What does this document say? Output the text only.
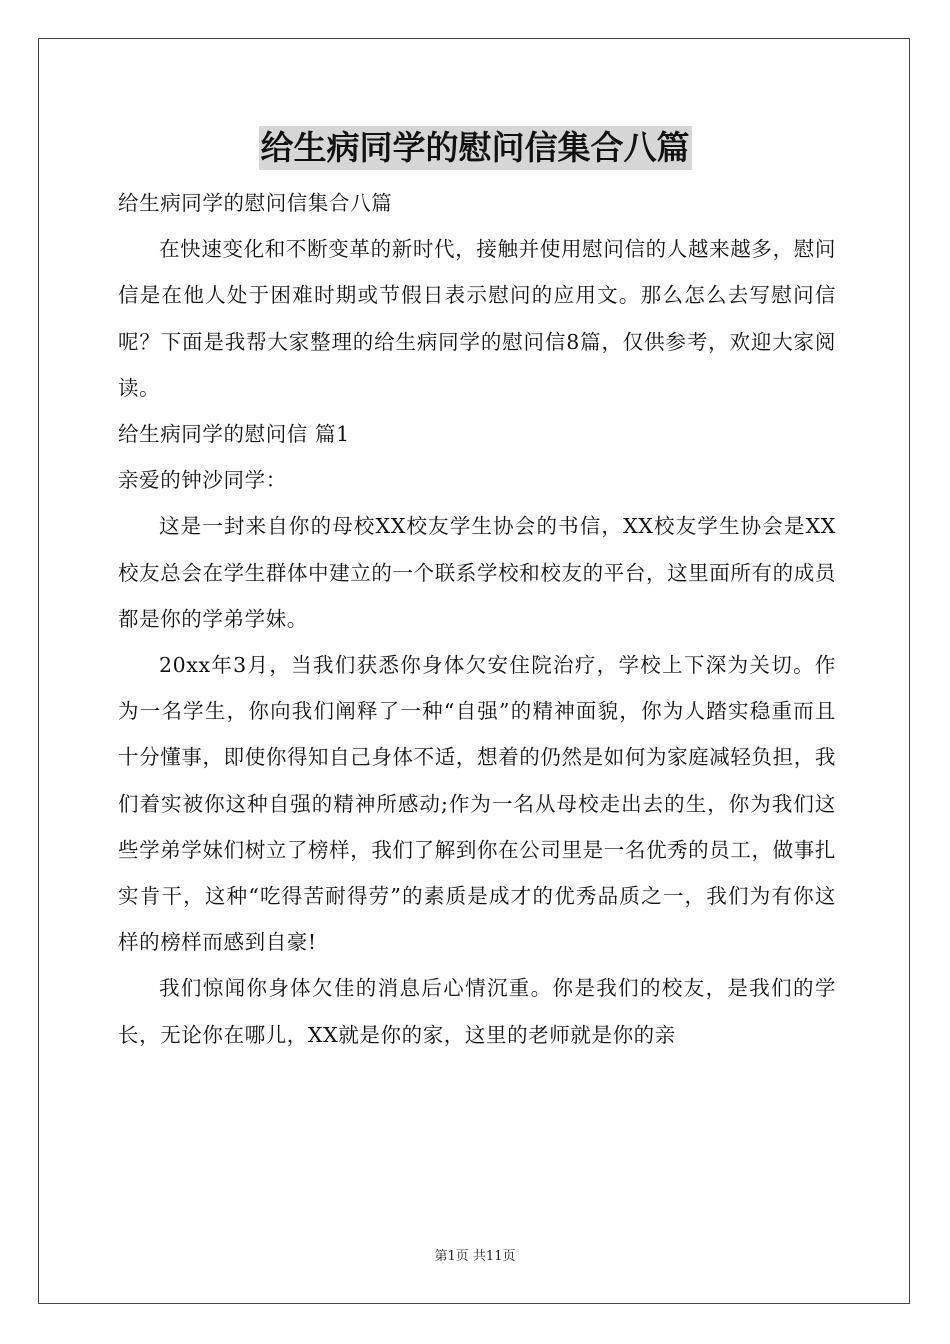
给生病同学的慰问信集合八篇

给生病同学的慰问信集合八篇

在快速变化和不断变革的新时代，接触并使用慰问信的人越来越多，慰问信是在他人处于困难时期或节假日表示慰问的应用文。那么怎么去写慰问信呢？下面是我帮大家整理的给生病同学的慰问信8篇，仅供参考，欢迎大家阅读。

给生病同学的慰问信 篇1

亲爱的钟沙同学：

这是一封来自你的母校XX校友学生协会的书信，XX校友学生协会是XX校友总会在学生群体中建立的一个联系学校和校友的平台，这里面所有的成员都是你的学弟学妹。

20xx年3月，当我们获悉你身体欠安住院治疗，学校上下深为关切。作为一名学生，你向我们阐释了一种“自强”的精神面貌，你为人踏实稳重而且十分懂事，即使你得知自己身体不适，想着的仍然是如何为家庭减轻负担，我们着实被你这种自强的精神所感动;作为一名从母校走出去的生，你为我们这些学弟学妹们树立了榜样，我们了解到你在公司里是一名优秀的员工，做事扎实肯干，这种“吃得苦耐得劳”的素质是成才的优秀品质之一，我们为有你这样的榜样而感到自豪!

我们惊闻你身体欠佳的消息后心情沉重。你是我们的校友，是我们的学长，无论你在哪儿，XX就是你的家，这里的老师就是你的亲

第1页 共11页
